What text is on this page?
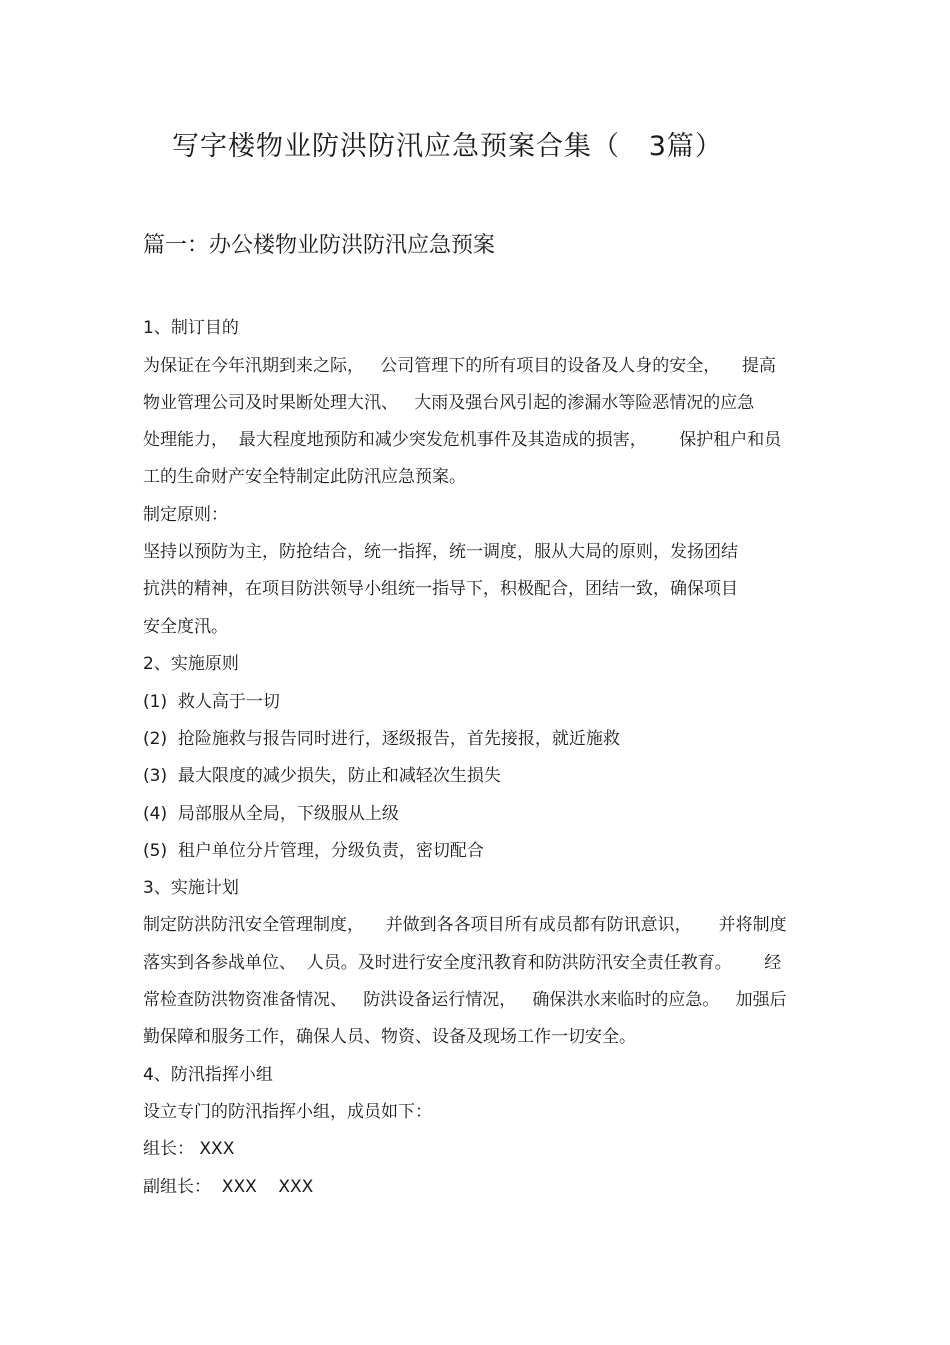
写字楼物业防洪防汛应急预案合集（   3篇）
篇一：办公楼物业防洪防汛应急预案
1、制订目的
为保证在今年汛期到来之际，   公司管理下的所有项目的设备及人身的安全，    提高
物业管理公司及时果断处理大汛、   大雨及强台风引起的渗漏水等险恶情况的应急
处理能力，  最大程度地预防和减少突发危机事件及其造成的损害，      保护租户和员
工的生命财产安全特制定此防汛应急预案。
制定原则：
坚持以预防为主，防抢结合，统一指挥，统一调度，服从大局的原则，发扬团结
抗洪的精神，在项目防洪领导小组统一指导下，积极配合，团结一致，确保项目
安全度汛。
2、实施原则
(1)  救人高于一切
(2)  抢险施救与报告同时进行，逐级报告，首先接报，就近施救
(3)  最大限度的减少损失，防止和减轻次生损失
(4)  局部服从全局，下级服从上级
(5)  租户单位分片管理，分级负责，密切配合
3、实施计划
制定防洪防汛安全管理制度，    并做到各各项目所有成员都有防讯意识，     并将制度
落实到各参战单位、  人员。及时进行安全度汛教育和防洪防汛安全责任教育。      经
常检查防洪物资准备情况、   防洪设备运行情况，   确保洪水来临时的应急。   加强后
勤保障和服务工作，确保人员、物资、设备及现场工作一切安全。
4、防汛指挥小组
设立专门的防汛指挥小组，成员如下：
组长： XXX
副组长：  XXX    XXX
